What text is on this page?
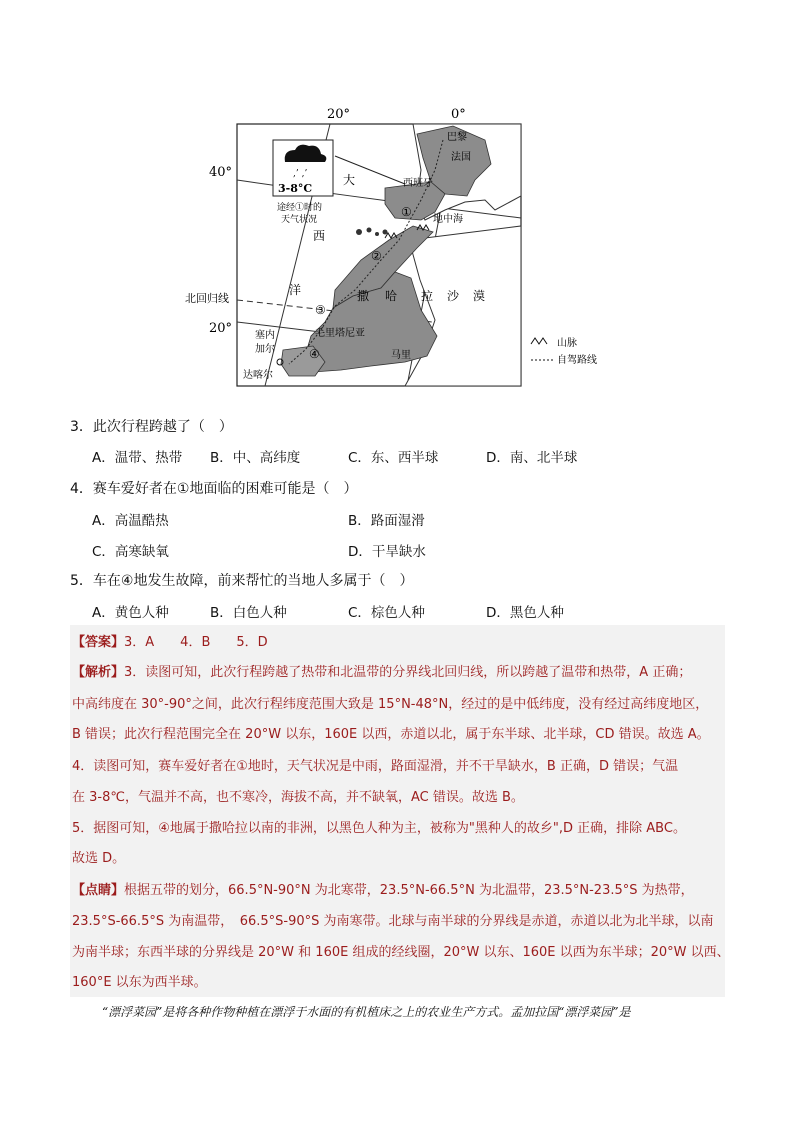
20°	0°
40°
20°
,’ ,’
3-8°C
途经①时的
天气状况
巴黎
法国
西班牙
地中海
大
西
洋	撒 哈 拉 沙 漠
北回归线
毛里塔尼亚
马里
塞内
加尔
达喀尔
①
②
③
④
山脉
自驾路线
3．此次行程跨越了（　）
A．温带、热带 B．中、高纬度	C．东、西半球	D．南、北半球
4．赛车爱好者在①地面临的困难可能是（　）
A．高温酷热	B．路面湿滑
C．高寒缺氧	D．干旱缺水
5．车在④地发生故障，前来帮忙的当地人多属于（　）
A．黄色人种	B．白色人种	C．棕色人种	D．黑色人种
【答案】3．A　　4．B　　5．D
【解析】3．读图可知，此次行程跨越了热带和北温带的分界线北回归线，所以跨越了温带和热带，A 正确；
中高纬度在 30°-90°之间，此次行程纬度范围大致是 15°N-48°N，经过的是中低纬度，没有经过高纬度地区，
B 错误；此次行程范围完全在 20°W 以东，160E 以西，赤道以北，属于东半球、北半球，CD 错误。故选 A。
4．读图可知，赛车爱好者在①地时，天气状况是中雨，路面湿滑，并不干旱缺水，B 正确，D 错误；气温
在 3-8℃，气温并不高，也不寒冷，海拔不高，并不缺氧，AC 错误。故选 B。
5．据图可知，④地属于撒哈拉以南的非洲，以黑色人种为主，被称为"黑种人的故乡",D 正确，排除 ABC。
故选 D。
【点睛】根据五带的划分，66.5°N-90°N 为北寒带，23.5°N-66.5°N 为北温带，23.5°N-23.5°S 为热带，
23.5°S-66.5°S 为南温带，　66.5°S-90°S 为南寒带。北球与南半球的分界线是赤道，赤道以北为北半球，以南
为南半球；东西半球的分界线是 20°W 和 160E 组成的经线圈，20°W 以东、160E 以西为东半球；20°W 以西、
160°E 以东为西半球。
“漂浮菜园”是将各种作物种植在漂浮于水面的有机植床之上的农业生产方式。孟加拉国“漂浮菜园”是
